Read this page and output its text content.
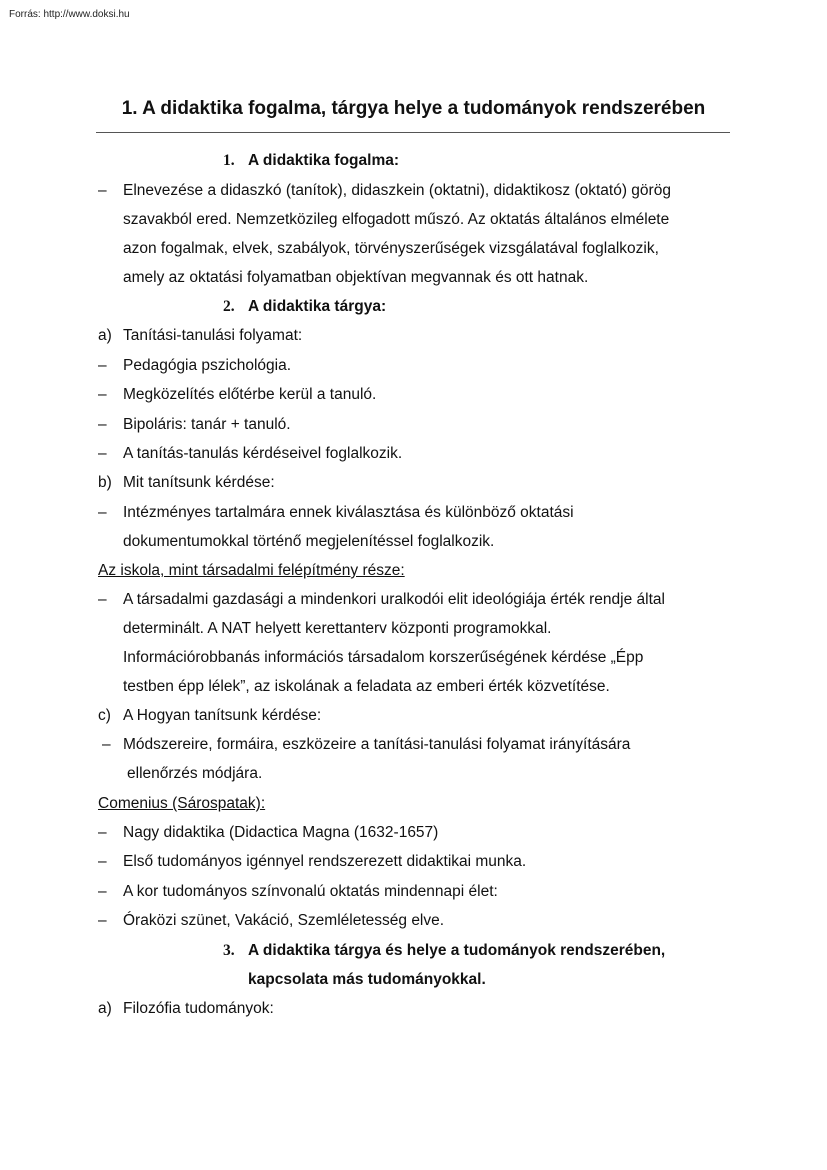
Forrás: http://www.doksi.hu
1. A didaktika fogalma, tárgya helye a tudományok rendszerében
1. A didaktika fogalma:
– Elnevezése a didaszkó (tanítok), didaszkein (oktatni), didaktikosz (oktató) görög
szavakból ered. Nemzetközileg elfogadott műszó. Az oktatás általános elmélete
azon fogalmak, elvek, szabályok, törvényszerűségek vizsgálatával foglalkozik,
amely az oktatási folyamatban objektívan megvannak és ott hatnak.
2. A didaktika tárgya:
a) Tanítási-tanulási folyamat:
– Pedagógia pszichológia.
– Megközelítés előtérbe kerül a tanuló.
– Bipoláris: tanár + tanuló.
– A tanítás-tanulás kérdéseivel foglalkozik.
b) Mit tanítsunk kérdése:
– Intézményes tartalmára ennek kiválasztása és különböző oktatási
dokumentumokkal történő megjelenítéssel foglalkozik.
Az iskola, mint társadalmi felépítmény része:
– A társadalmi gazdasági a mindenkori uralkodói elit ideológiája érték rendje által
determinált. A NAT helyett kerettanterv központi programokkal.
Információrobbanás információs társadalom korszerűségének kérdése „Épp
testben épp lélek”, az iskolának a feladata az emberi érték közvetítése.
c) A Hogyan tanítsunk kérdése:
– Módszereire, formáira, eszközeire a tanítási-tanulási folyamat irányítására
ellenőrzés módjára.
Comenius (Sárospatak):
– Nagy didaktika (Didactica Magna (1632-1657)
– Első tudományos igénnyel rendszerezett didaktikai munka.
– A kor tudományos színvonalú oktatás mindennapi élet:
– Óraközi szünet, Vakáció, Szemléletesség elve.
3. A didaktika tárgya és helye a tudományok rendszerében,
kapcsolata más tudományokkal.
a) Filozófia tudományok:
